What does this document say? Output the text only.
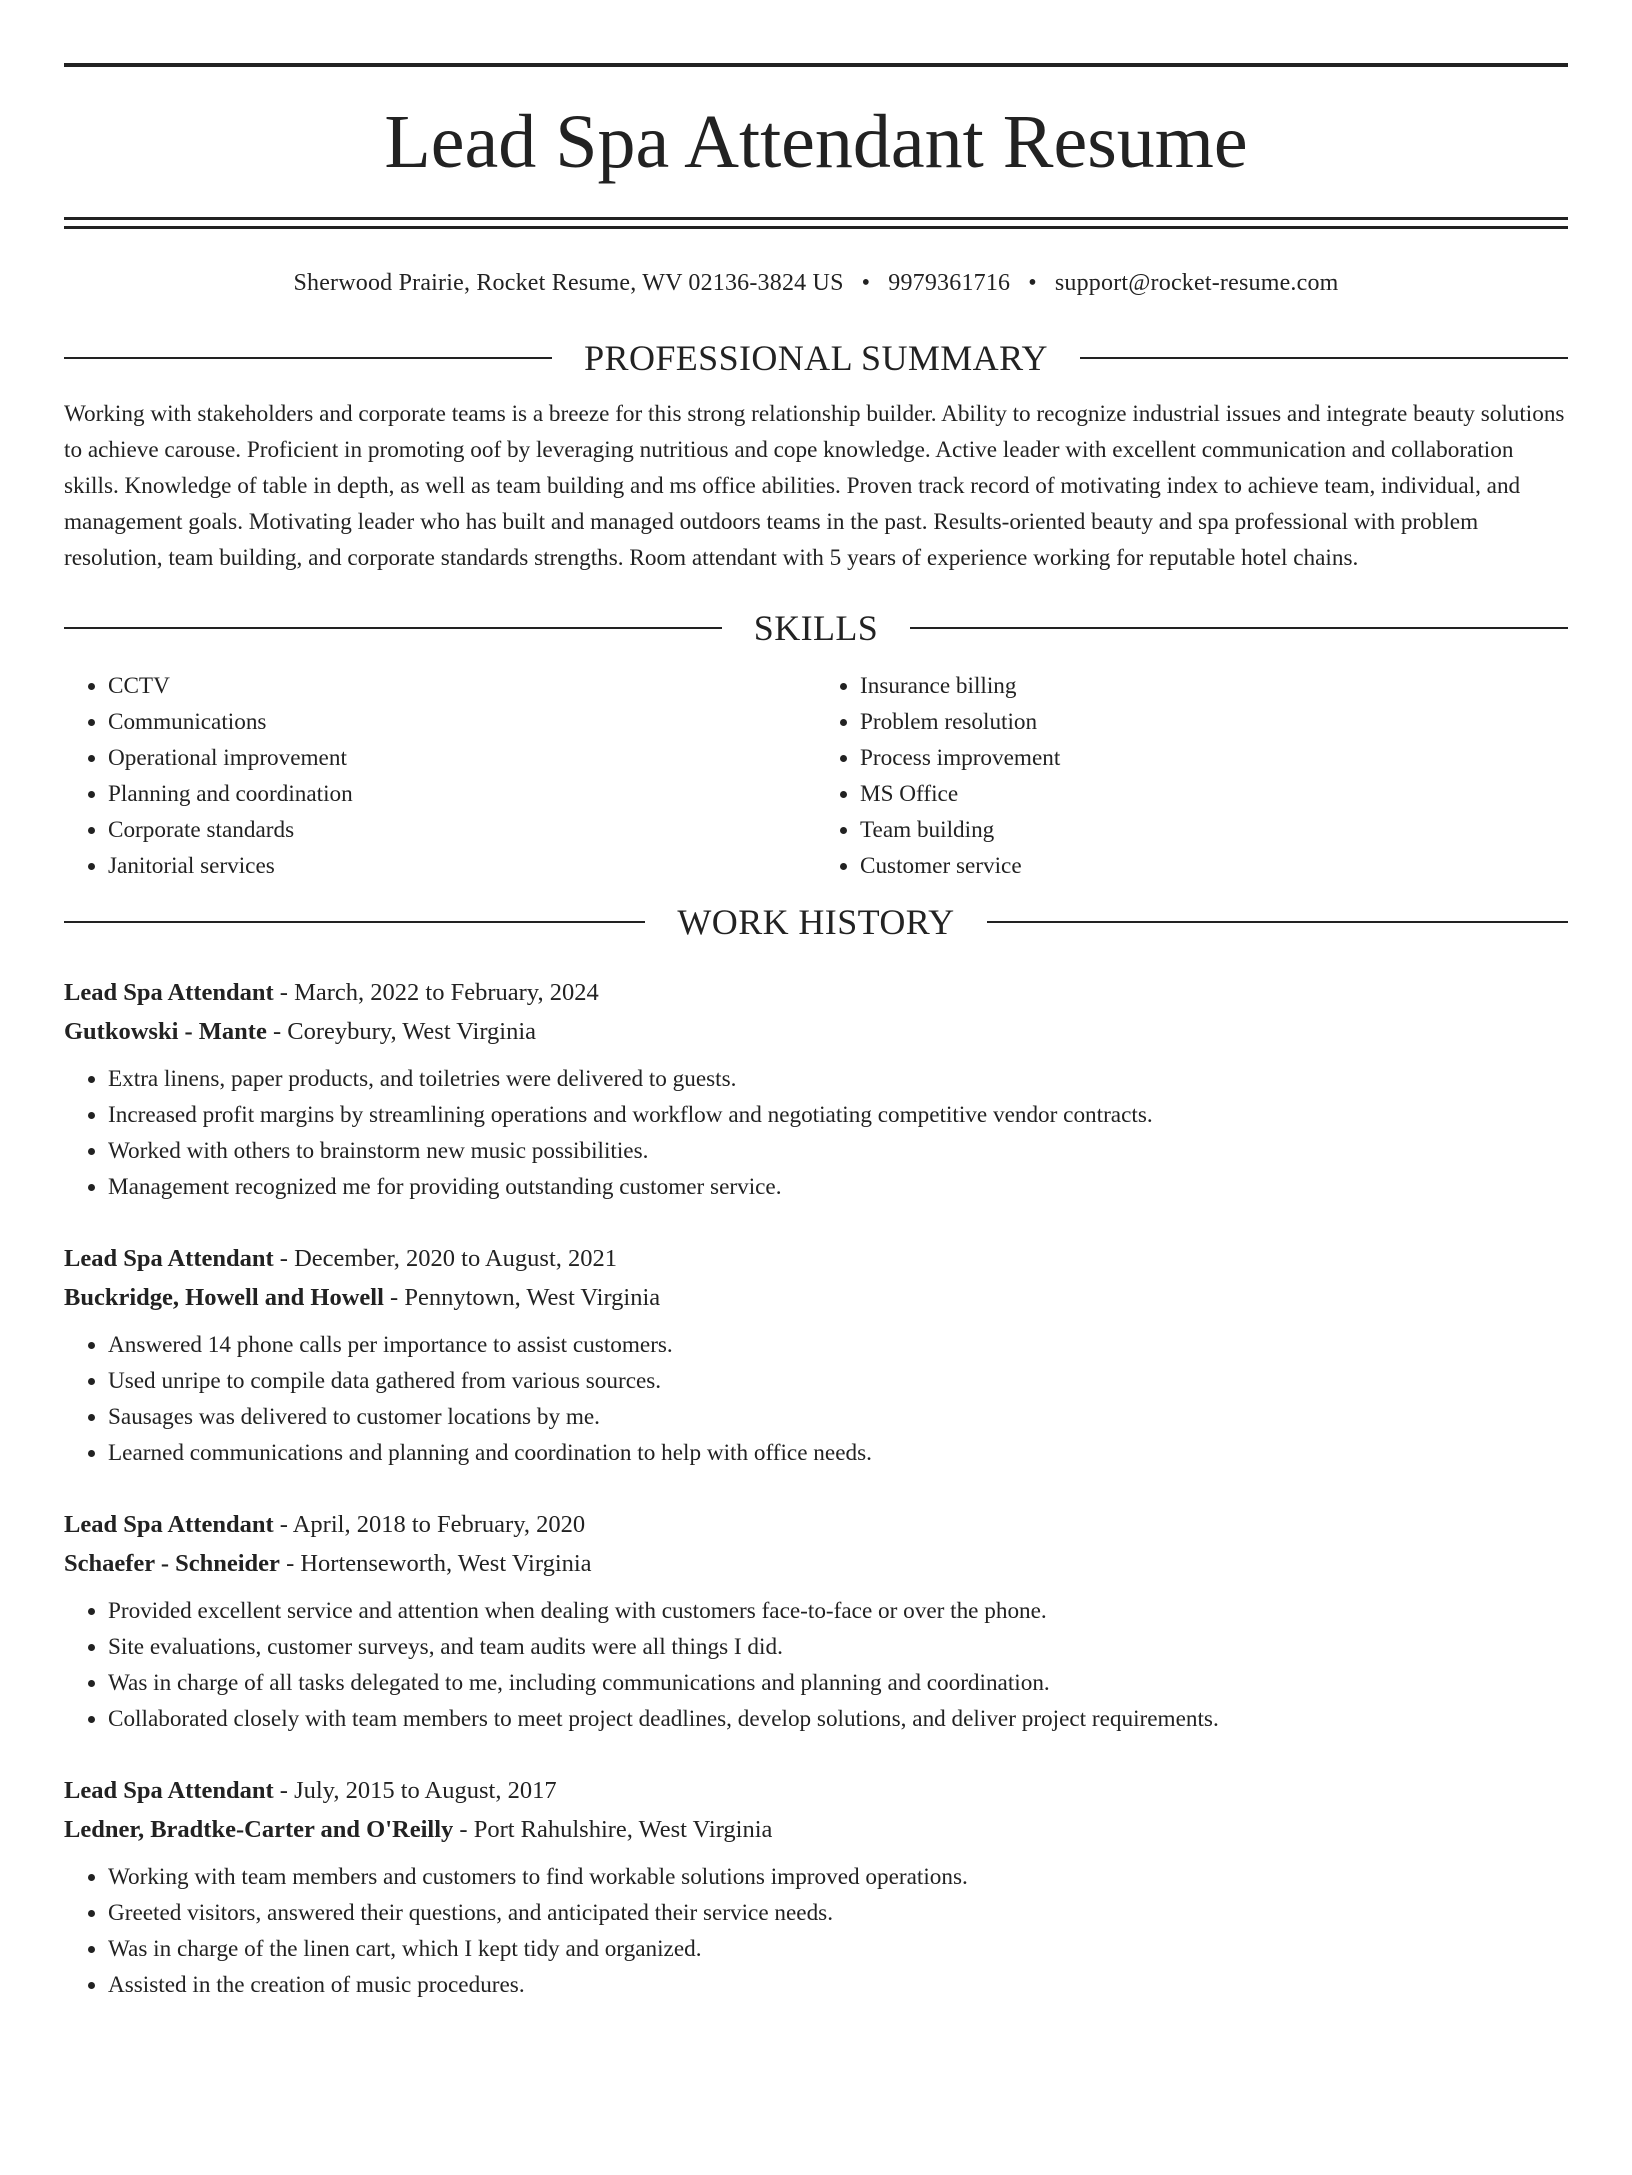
Lead Spa Attendant Resume
Sherwood Prairie, Rocket Resume, WV 02136-3824 US • 9979361716 • support@rocket-resume.com
PROFESSIONAL SUMMARY

Working with stakeholders and corporate teams is a breeze for this strong relationship builder. Ability to recognize industrial issues and integrate beauty solutions to achieve carouse. Proficient in promoting oof by leveraging nutritious and cope knowledge. Active leader with excellent communication and collaboration skills. Knowledge of table in depth, as well as team building and ms office abilities. Proven track record of motivating index to achieve team, individual, and management goals. Motivating leader who has built and managed outdoors teams in the past. Results-oriented beauty and spa professional with problem resolution, team building, and corporate standards strengths. Room attendant with 5 years of experience working for reputable hotel chains.

SKILLS
• CCTV
• Communications
• Operational improvement
• Planning and coordination
• Corporate standards
• Janitorial services
• Insurance billing
• Problem resolution
• Process improvement
• MS Office
• Team building
• Customer service
WORK HISTORY
Lead Spa Attendant - March, 2022 to February, 2024
Gutkowski - Mante - Coreybury, West Virginia
• Extra linens, paper products, and toiletries were delivered to guests.
• Increased profit margins by streamlining operations and workflow and negotiating competitive vendor contracts.
• Worked with others to brainstorm new music possibilities.
• Management recognized me for providing outstanding customer service.
Lead Spa Attendant - December, 2020 to August, 2021
Buckridge, Howell and Howell - Pennytown, West Virginia
• Answered 14 phone calls per importance to assist customers.
• Used unripe to compile data gathered from various sources.
• Sausages was delivered to customer locations by me.
• Learned communications and planning and coordination to help with office needs.
Lead Spa Attendant - April, 2018 to February, 2020
Schaefer - Schneider - Hortenseworth, West Virginia
• Provided excellent service and attention when dealing with customers face-to-face or over the phone.
• Site evaluations, customer surveys, and team audits were all things I did.
• Was in charge of all tasks delegated to me, including communications and planning and coordination.
• Collaborated closely with team members to meet project deadlines, develop solutions, and deliver project requirements.
Lead Spa Attendant - July, 2015 to August, 2017
Ledner, Bradtke-Carter and O'Reilly - Port Rahulshire, West Virginia
• Working with team members and customers to find workable solutions improved operations.
• Greeted visitors, answered their questions, and anticipated their service needs.
• Was in charge of the linen cart, which I kept tidy and organized.
• Assisted in the creation of music procedures.
